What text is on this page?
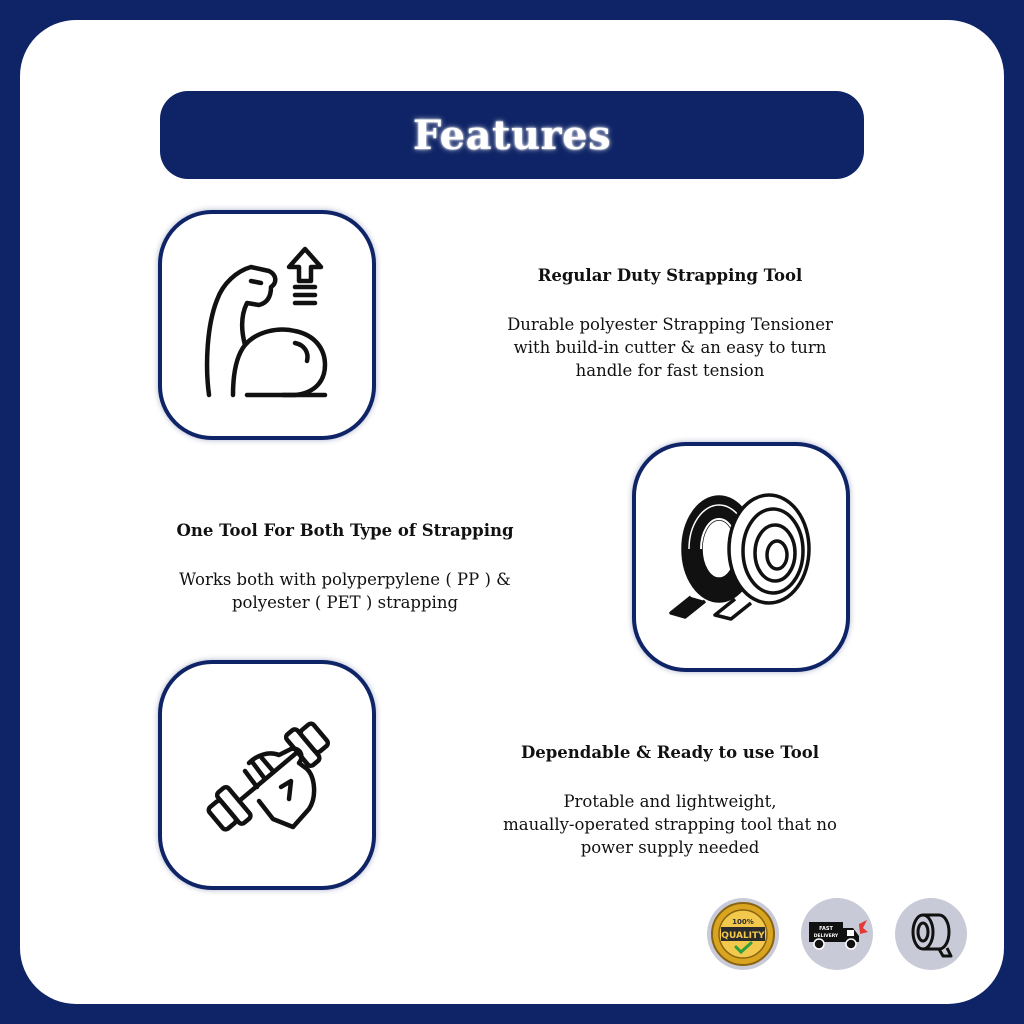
Features
Regular Duty Strapping Tool

Durable polyester Strapping Tensioner
with build-in cutter & an easy to turn
handle for fast tension

One Tool For Both Type of Strapping

Works both with polyperpylene ( PP ) &
polyester ( PET ) strapping

Dependable & Ready to use Tool

Protable and lightweight,
maually-operated strapping tool that no
power supply needed

100%
QUALITY
FAST
DELIVERY
